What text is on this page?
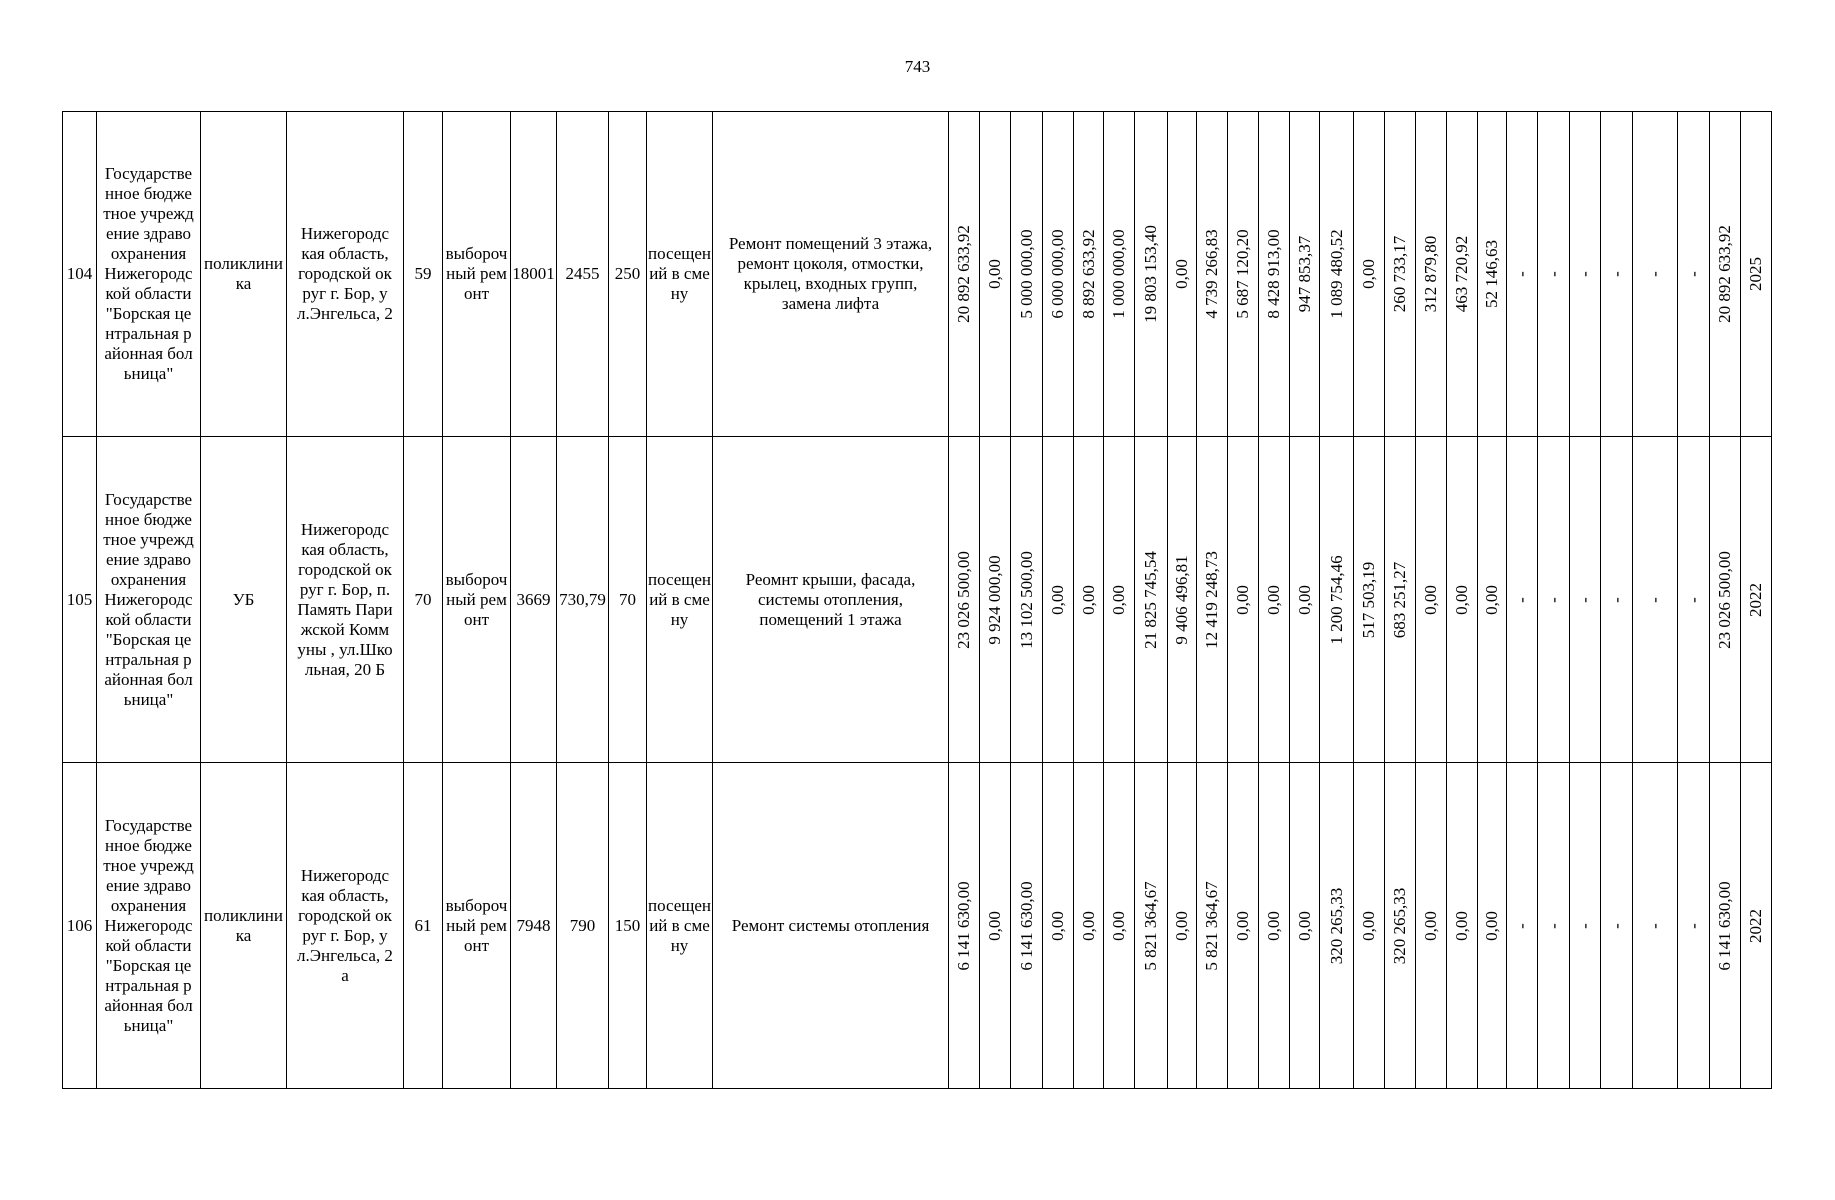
743
104	Государственное бюджетное учреждение здравоохранения Нижегородской области "Борская центральная районная больница"	поликлиника	Нижегородская область, городской округ г. Бор, ул.Энгельса, 2	59	выборочный ремонт	18001	2455	250	посещений в смену	Ремонт помещений 3 этажа, ремонт цоколя, отмостки, крылец, входных групп, замена лифта	20 892 633,92	0,00	5 000 000,00	6 000 000,00	8 892 633,92	1 000 000,00	19 803 153,40	0,00	4 739 266,83	5 687 120,20	8 428 913,00	947 853,37	1 089 480,52	0,00	260 733,17	312 879,80	463 720,92	52 146,63	-	-	-	-	-	-	20 892 633,92	2025

105	Государственное бюджетное учреждение здравоохранения Нижегородской области "Борская центральная районная больница"	УБ	Нижегородская область, городской округ г. Бор, п. Память Парижской Коммуны , ул.Школьная, 20 Б	70	выборочный ремонт	3669	730,79	70	посещений в смену	Реомнт крыши, фасада, системы отопления, помещений 1 этажа	23 026 500,00	9 924 000,00	13 102 500,00	0,00	0,00	0,00	21 825 745,54	9 406 496,81	12 419 248,73	0,00	0,00	0,00	1 200 754,46	517 503,19	683 251,27	0,00	0,00	0,00	-	-	-	-	-	-	23 026 500,00	2022

106	Государственное бюджетное учреждение здравоохранения Нижегородской области "Борская центральная районная больница"	поликлиника	Нижегородская область, городской округ г. Бор, ул.Энгельса, 2 а	61	выборочный ремонт	7948	790	150	посещений в смену	Ремонт системы отопления	6 141 630,00	0,00	6 141 630,00	0,00	0,00	0,00	5 821 364,67	0,00	5 821 364,67	0,00	0,00	0,00	320 265,33	0,00	320 265,33	0,00	0,00	0,00	-	-	-	-	-	-	6 141 630,00	2022
